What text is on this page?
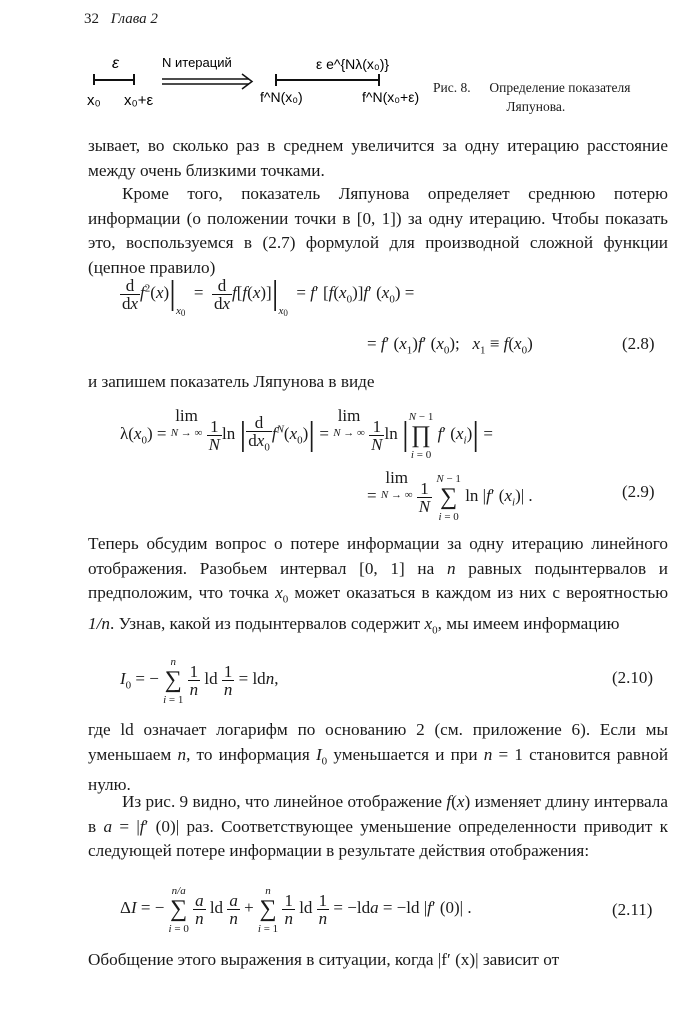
32 Глава 2
ε
x₀ x₀+ε
N итераций	ε e^{Nλ(x₀)}
f^N(x₀)	f^N(x₀+ε)
Рис. 8. Определение показателя
Ляпунова.
зывает, во сколько раз в среднем увеличится за одну итерацию расстояние между очень близкими точками.
Кроме того, показатель Ляпунова определяет среднюю потерю информации (о положении точки в [0, 1]) за одну итерацию. Чтобы показать это, воспользуемся в (2.7) формулой для производной сложной функции (цепное правило)
d
$dxf^2(x)|_{x0} = d$
$dxf[f(x)]|_{x0} = f'$ $[f(x_0)]f'$ $(x_0)$ =
= f′ $(x_1)f'$ $(x_0)$;   $x_1 \equiv f(x_0)$	(2.8)
и запишем показатель Ляпунова в виде
$\lambda(x_0) = \lim$
N → ∞ 1
Nln | d
$dx_0f^N(x_0)| = \lim$
N → ∞ 1
Nln |N − 1
∏
i = 0 f′ $(x_i)|$ =
= lim
N → ∞ 1
N N − 1
∑
i = 0 ln |f′ $(x_i)|$ .	(2.9)
Теперь обсудим вопрос о потере информации за одну итерацию линейного отображения. Разобьем интервал [0, 1] на n равных подынтервалов и предположим, что точка $x_0$ может оказаться в каждом из них с вероятностью 1/n. Узнав, какой из подынтервалов содержит $x_0$, мы имеем информацию
$I_0$ = − n
∑
i = 1 1
n ld 1
n = ldn,	(2.10)
где ld означает логарифм по основанию 2 (см. приложение 6). Если мы уменьшаем n, то информация $I_0$ уменьшается и при n = 1 становится равной нулю.
Из рис. 9 видно, что линейное отображение f(x) изменяет длину интервала в a = |f′ (0)| раз. Соответствующее уменьшение определенности приводит к следующей потере информации в результате действия отображения:
ΔI = − n/a
∑
$i = 0 \frac{a}{n}$ ld $\frac{a}{n} + n$
∑
i = 1 1
n ld 1
n = −lda = −ld |f′ (0)| .	(2.11)
Обобщение этого выражения в ситуации, когда |f′ (x)| зависит от
